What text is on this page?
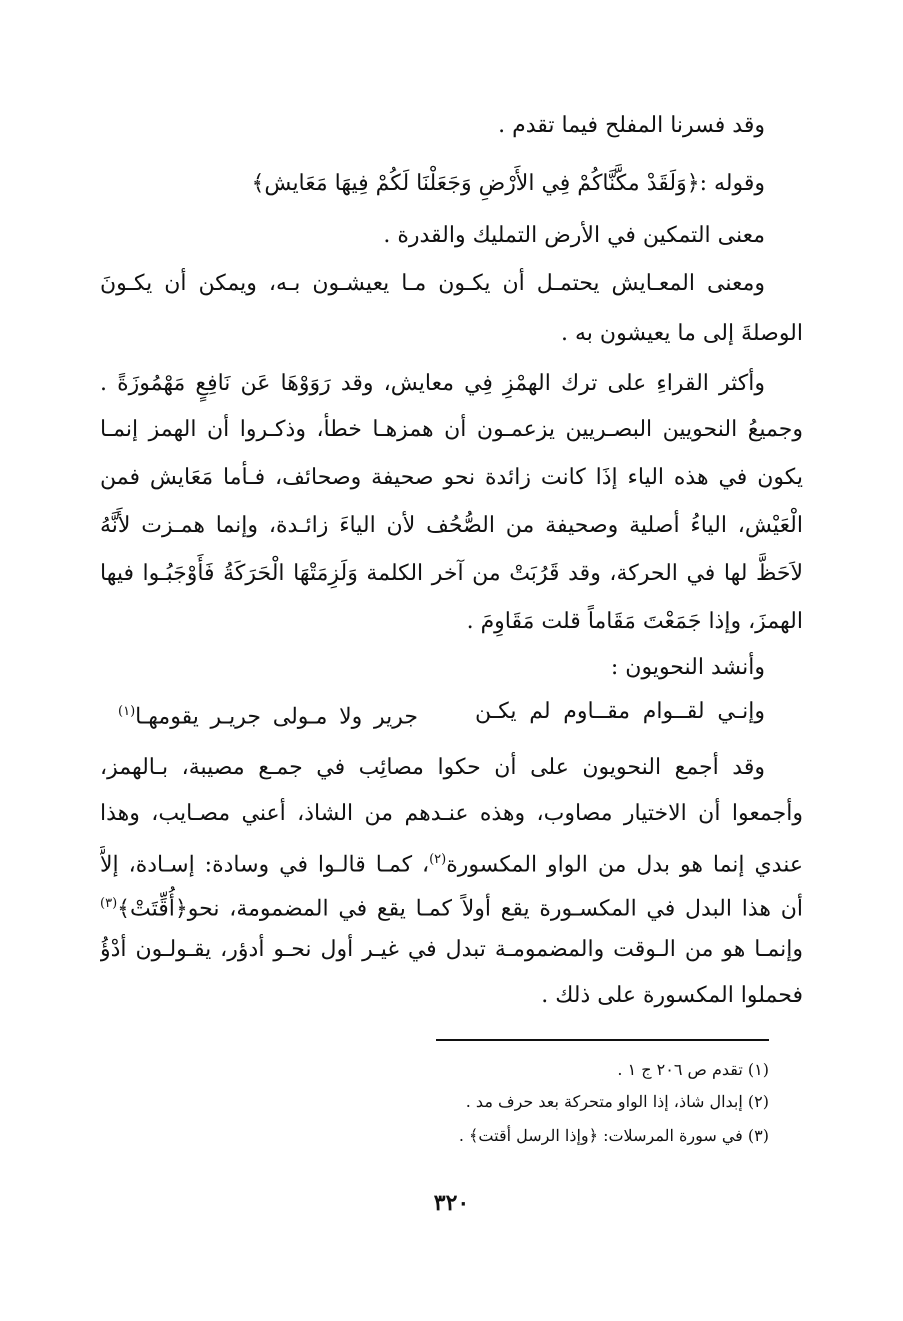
وقد فسرنا المفلح فيما تقدم .
وقوله :﴿وَلَقَدْ مكَّنَّاكُمْ فِي الأَرْضِ وَجَعَلْنَا لَكُمْ فِيهَا مَعَايش﴾
معنى التمكين في الأرض التمليك والقدرة .
ومعنى المعـايش يحتمـل أن يكـون مـا يعيشـون بـه، ويمكن أن يكـونَ
الوصلةَ إلى ما يعيشون به .
وأكثر القراءِ على ترك الهمْزِ فِي معايش، وقد رَوَوْهَا عَن نَافِعٍ مَهْمُوزَةً .
وجميعُ النحويين البصـريين يزعمـون أن همزهـا خطأ، وذكـروا أن الهمز إنمـا
يكون في هذه الياء إذَا كانت زائدة نحو صحيفة وصحائف، فـأما مَعَايش فمن
الْعَيْش، الياءُ أصلية وصحيفة من الصُّحُف لأن الياءَ زائـدة، وإنما همـزت لأَنَّهُ
لاَحَظَّ لها في الحركة، وقد قَرُبَتْ من آخر الكلمة وَلَزِمَتْهَا الْحَرَكَةُ فَأَوْجَبُـوا فيها
الهمزَ، وإذا جَمَعْتَ مَقَاماً قلت مَقَاوِمَ .
وأنشد النحويون :
وإنـي لقــوام مقــاوم لم يكـن
جرير ولا مـولى جريـر يقومهـا$^{(١)}$
وقد أجمع النحويون على أن حكوا مصائِب في جمـع مصيبة، بـالهمز،
وأجمعوا أن الاختيار مصاوب، وهذه عنـدهم من الشاذ، أعني مصـايب، وهذا
عندي إنما هو بدل من الواو المكسورة$^{(٢)}$، كمـا قالـوا في وسادة: إسـادة، إلاَّ
أن هذا البدل في المكسـورة يقع أولاً كمـا يقع في المضمومة، نحو﴿أُقِّتَتْ﴾$^{(٣)}$
وإنمـا هو من الـوقت والمضمومـة تبدل في غيـر أول نحـو أدؤر، يقـولـون أدْؤُ
فحملوا المكسورة على ذلك .
(١) تقدم ص ٢٠٦ ج ١ .
(٢) إبدال شاذ، إذا الواو متحركة بعد حرف مد .
(٣) في سورة المرسلات: ﴿وإذا الرسل أقتت﴾ .
٣٢٠
